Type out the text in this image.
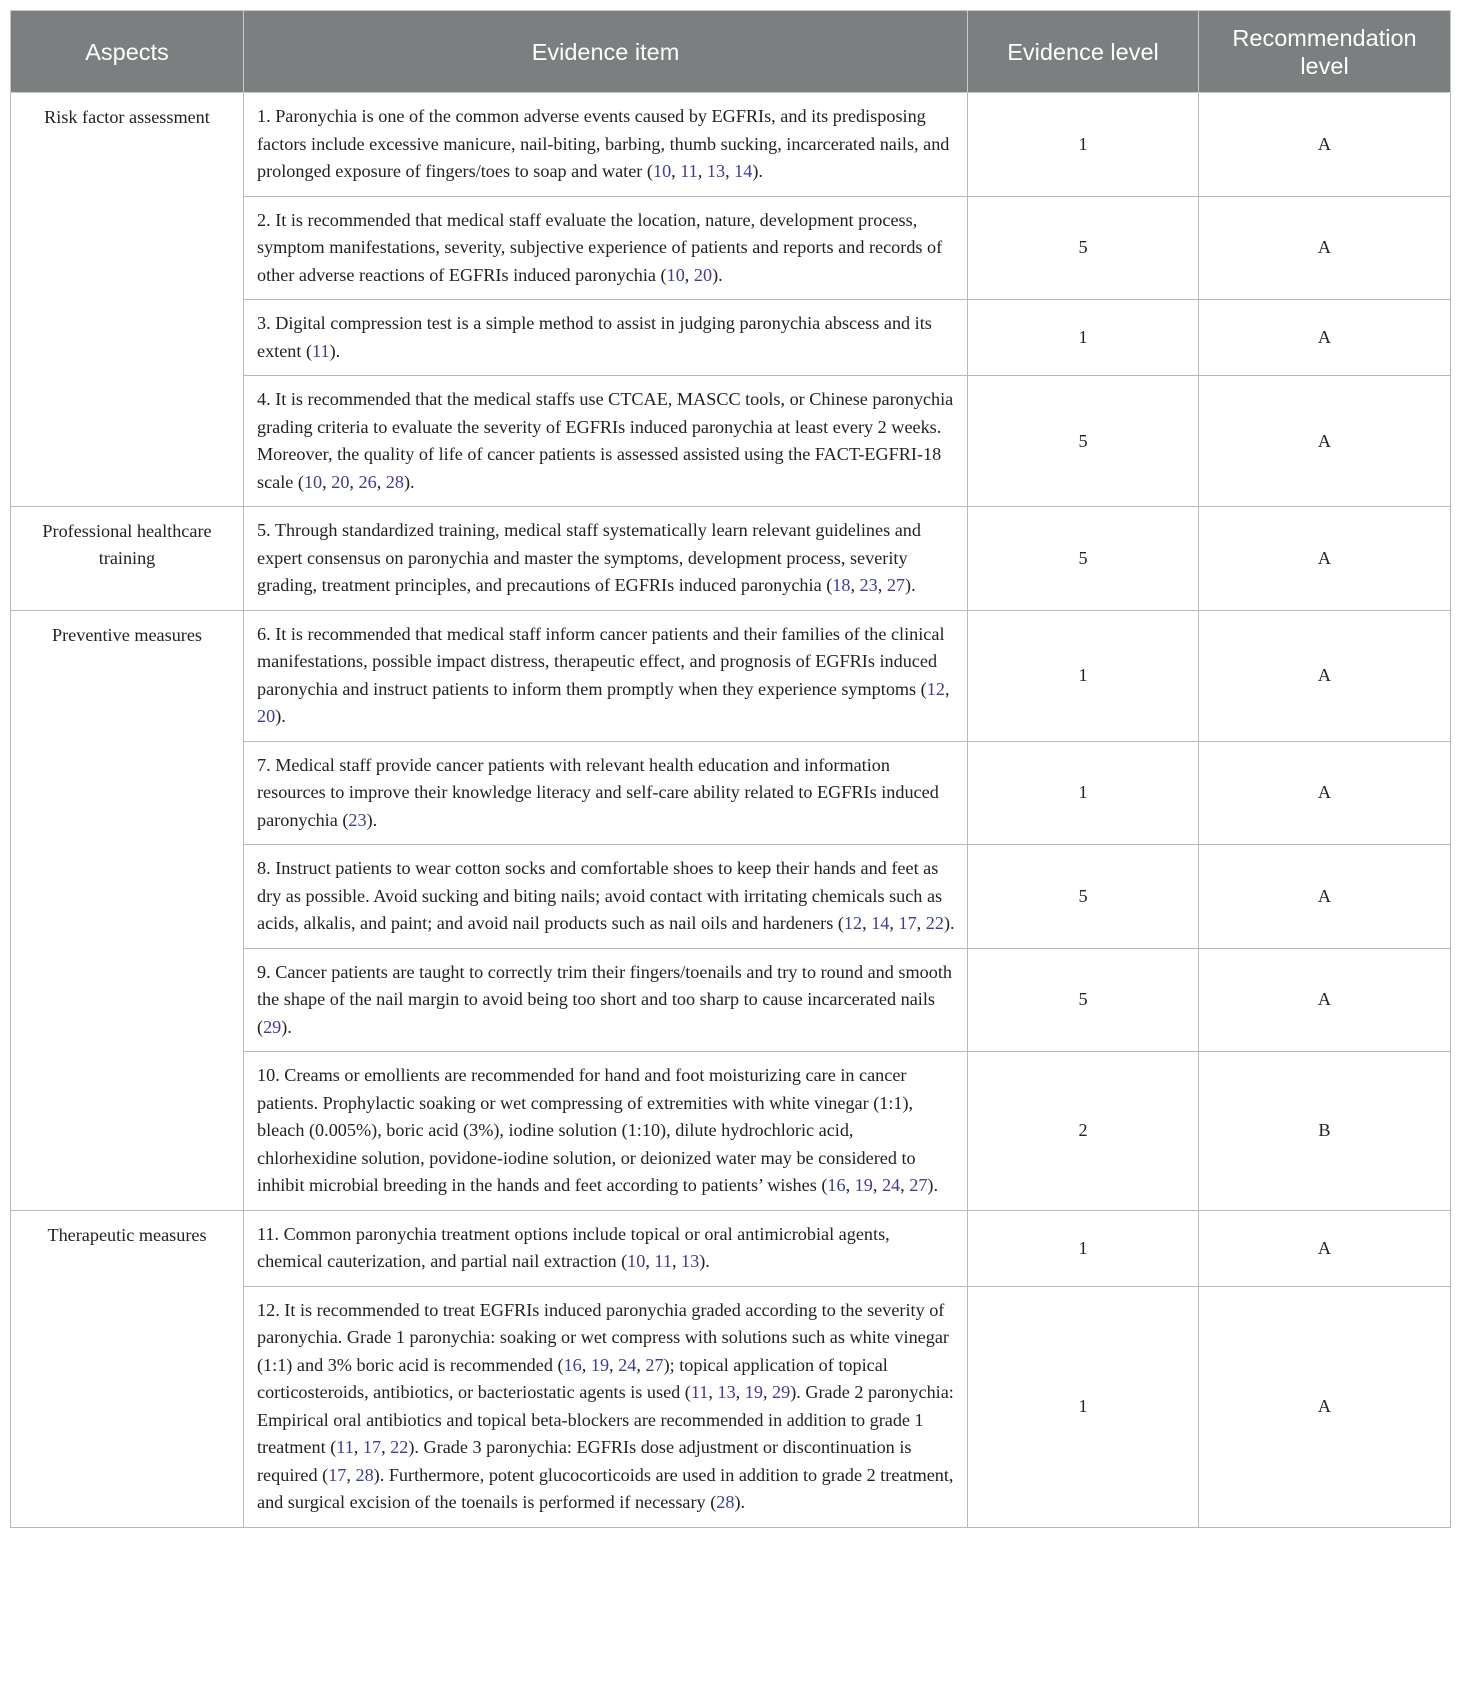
Aspects	Evidence item	Evidence level	Recommendation level
Risk factor assessment	1. Paronychia is one of the common adverse events caused by EGFRIs, and its predisposing factors include excessive manicure, nail-biting, barbing, thumb sucking, incarcerated nails, and prolonged exposure of fingers/toes to soap and water (10, 11, 13, 14).	1	A
	2. It is recommended that medical staff evaluate the location, nature, development process, symptom manifestations, severity, subjective experience of patients and reports and records of other adverse reactions of EGFRIs induced paronychia (10, 20).	5	A
	3. Digital compression test is a simple method to assist in judging paronychia abscess and its extent (11).	1	A
	4. It is recommended that the medical staffs use CTCAE, MASCC tools, or Chinese paronychia grading criteria to evaluate the severity of EGFRIs induced paronychia at least every 2 weeks. Moreover, the quality of life of cancer patients is assessed assisted using the FACT-EGFRI-18 scale (10, 20, 26, 28).	5	A
Professional healthcare training	5. Through standardized training, medical staff systematically learn relevant guidelines and expert consensus on paronychia and master the symptoms, development process, severity grading, treatment principles, and precautions of EGFRIs induced paronychia (18, 23, 27).	5	A
Preventive measures	6. It is recommended that medical staff inform cancer patients and their families of the clinical manifestations, possible impact distress, therapeutic effect, and prognosis of EGFRIs induced paronychia and instruct patients to inform them promptly when they experience symptoms (12, 20).	1	A
	7. Medical staff provide cancer patients with relevant health education and information resources to improve their knowledge literacy and self-care ability related to EGFRIs induced paronychia (23).	1	A
	8. Instruct patients to wear cotton socks and comfortable shoes to keep their hands and feet as dry as possible. Avoid sucking and biting nails; avoid contact with irritating chemicals such as acids, alkalis, and paint; and avoid nail products such as nail oils and hardeners (12, 14, 17, 22).	5	A
	9. Cancer patients are taught to correctly trim their fingers/toenails and try to round and smooth the shape of the nail margin to avoid being too short and too sharp to cause incarcerated nails (29).	5	A
	10. Creams or emollients are recommended for hand and foot moisturizing care in cancer patients. Prophylactic soaking or wet compressing of extremities with white vinegar (1:1), bleach (0.005%), boric acid (3%), iodine solution (1:10), dilute hydrochloric acid, chlorhexidine solution, povidone-iodine solution, or deionized water may be considered to inhibit microbial breeding in the hands and feet according to patients’ wishes (16, 19, 24, 27).	2	B
Therapeutic measures	11. Common paronychia treatment options include topical or oral antimicrobial agents, chemical cauterization, and partial nail extraction (10, 11, 13).	1	A
	12. It is recommended to treat EGFRIs induced paronychia graded according to the severity of paronychia. Grade 1 paronychia: soaking or wet compress with solutions such as white vinegar (1:1) and 3% boric acid is recommended (16, 19, 24, 27); topical application of topical corticosteroids, antibiotics, or bacteriostatic agents is used (11, 13, 19, 29). Grade 2 paronychia: Empirical oral antibiotics and topical beta-blockers are recommended in addition to grade 1 treatment (11, 17, 22). Grade 3 paronychia: EGFRIs dose adjustment or discontinuation is required (17, 28). Furthermore, potent glucocorticoids are used in addition to grade 2 treatment, and surgical excision of the toenails is performed if necessary (28).	1	A
